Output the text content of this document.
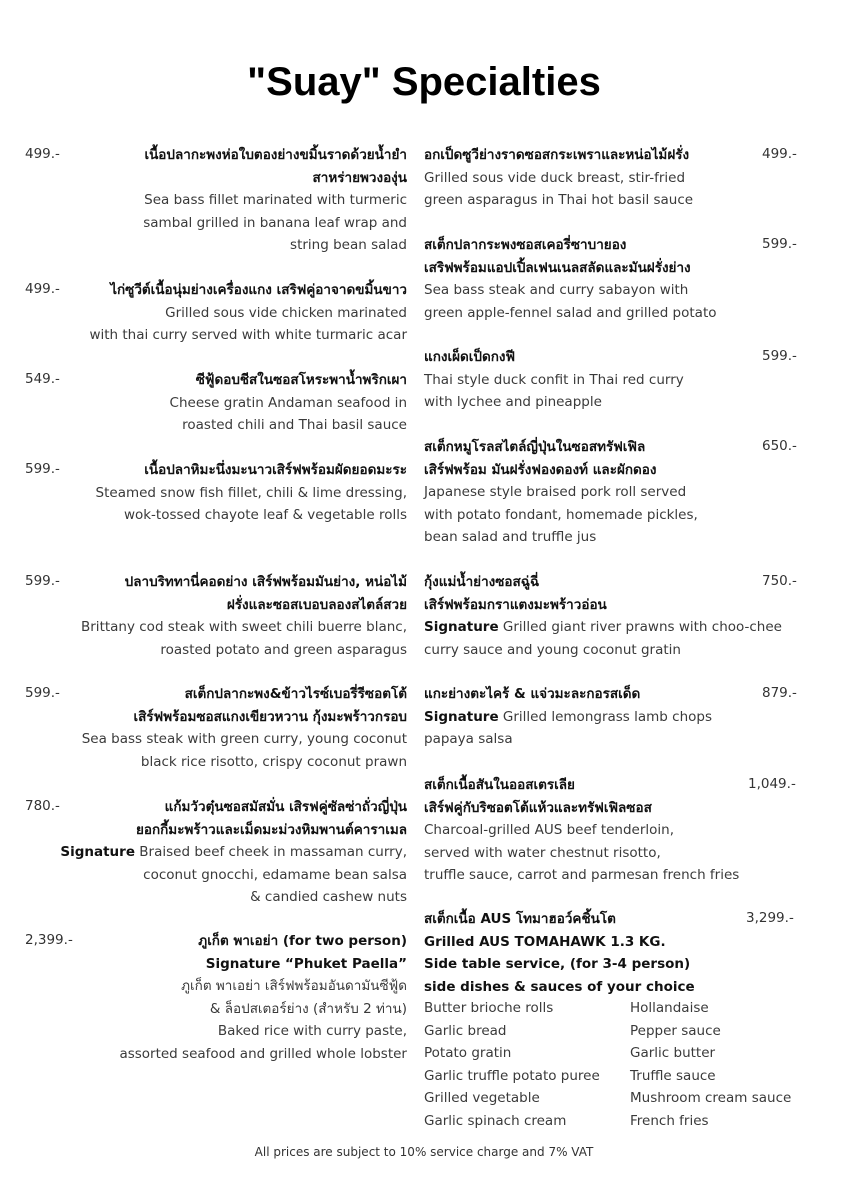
"Suay" Specialties
499.-	เนื้อปลากะพงห่อใบตองย่างขมิ้นราดด้วยน้ำยำ
สาหร่ายพวงองุ่น
Sea bass fillet marinated with turmeric
sambal grilled in banana leaf wrap and
string bean salad
499.-	ไก่ซูวีต์เนื้อนุ่มย่างเครื่องแกง เสริฟคู่อาจาดขมิ้นขาว
Grilled sous vide chicken marinated
with thai curry served with white turmaric acar
549.-	ซีฟู้ดอบชีสในซอสโหระพาน้ำพริกเผา
Cheese gratin Andaman seafood in
roasted chili and Thai basil sauce
599.-	เนื้อปลาหิมะนึ่งมะนาวเสิร์ฟพร้อมผัดยอดมะระ
Steamed snow fish fillet, chili & lime dressing,
wok-tossed chayote leaf & vegetable rolls
599.-	ปลาบริททานี่คอดย่าง เสิร์ฟพร้อมมันย่าง, หน่อไม้
ฝรั่งและซอสเบอบลองสไตล์สวย
Brittany cod steak with sweet chili buerre blanc,
roasted potato and green asparagus
599.-	สเต็กปลากะพง&ข้าวไรซ์เบอรี่รีซอตโต้
เสิร์ฟพร้อมซอสแกงเขียวหวาน กุ้งมะพร้าวกรอบ
Sea bass steak with green curry, young coconut
black rice risotto, crispy coconut prawn
780.-	แก้มวัวตุ๋นซอสมัสมั่น เสิรฟคู่ซัลซ่าถั่วญี่ปุ่น
ยอกกี้มะพร้าวและเม็ดมะม่วงหิมพานต์คาราเมล
Signature Braised beef cheek in massaman curry,
coconut gnocchi, edamame bean salsa
& candied cashew nuts
2,399.-	ภูเก็ต พาเอย่า (for two person)
Signature “Phuket Paella”
ภูเก็ต พาเอย่า เสิร์ฟพร้อมอันดามันซีฟู้ด
& ล็อปสเตอร์ย่าง (สำหรับ 2 ท่าน)
Baked rice with curry paste,
assorted seafood and grilled whole lobster
499.-
อกเป็ดซูวีย่างราดซอสกระเพราและหน่อไม้ฝรั่ง
Grilled sous vide duck breast, stir-fried
green asparagus in Thai hot basil sauce
599.-
สเต็กปลากระพงซอสเคอรี่ซาบายอง
เสริฟพร้อมแอปเปิ้ลเฟนเนลสลัดและมันฝรั่งย่าง
Sea bass steak and curry sabayon with
green apple-fennel salad and grilled potato
599.-
แกงเผ็ดเป็ดกงฟี
Thai style duck confit in Thai red curry
with lychee and pineapple
650.-
สเต็กหมูโรลสไตล์ญี่ปุ่นในซอสทรัฟเฟิล
เสิร์ฟพร้อม มันฝรั่งฟองดองท์ และผักดอง
Japanese style braised pork roll served
with potato fondant, homemade pickles,
bean salad and truffle jus
750.-
กุ้งแม่น้ำย่างซอสฉู่ฉี่
เสิร์ฟพร้อมกราแตงมะพร้าวอ่อน
Signature Grilled giant river prawns with choo-chee
curry sauce and young coconut gratin
879.-
แกะย่างตะไคร้ & แจ่วมะละกอรสเด็ด
Signature Grilled lemongrass lamb chops
papaya salsa
1,049.-
สเต็กเนื้อสันในออสเตรเลีย
เสิร์ฟคู่กับริซอตโต้แห้วและทรัฟเฟิลซอส
Charcoal-grilled AUS beef tenderloin,
served with water chestnut risotto,
truffle sauce, carrot and parmesan french fries
3,299.-
สเต็กเนื้อ AUS โทมาฮอว์คชิ้นโต
Grilled AUS TOMAHAWK 1.3 KG.
Side table service, (for 3-4 person)
side dishes & sauces of your choice
Butter brioche rolls	Hollandaise
Garlic bread	Pepper sauce
Potato gratin	Garlic butter
Garlic truffle potato puree	Truffle sauce
Grilled vegetable	Mushroom cream sauce
Garlic spinach cream	French fries
All prices are subject to 10% service charge and 7% VAT
